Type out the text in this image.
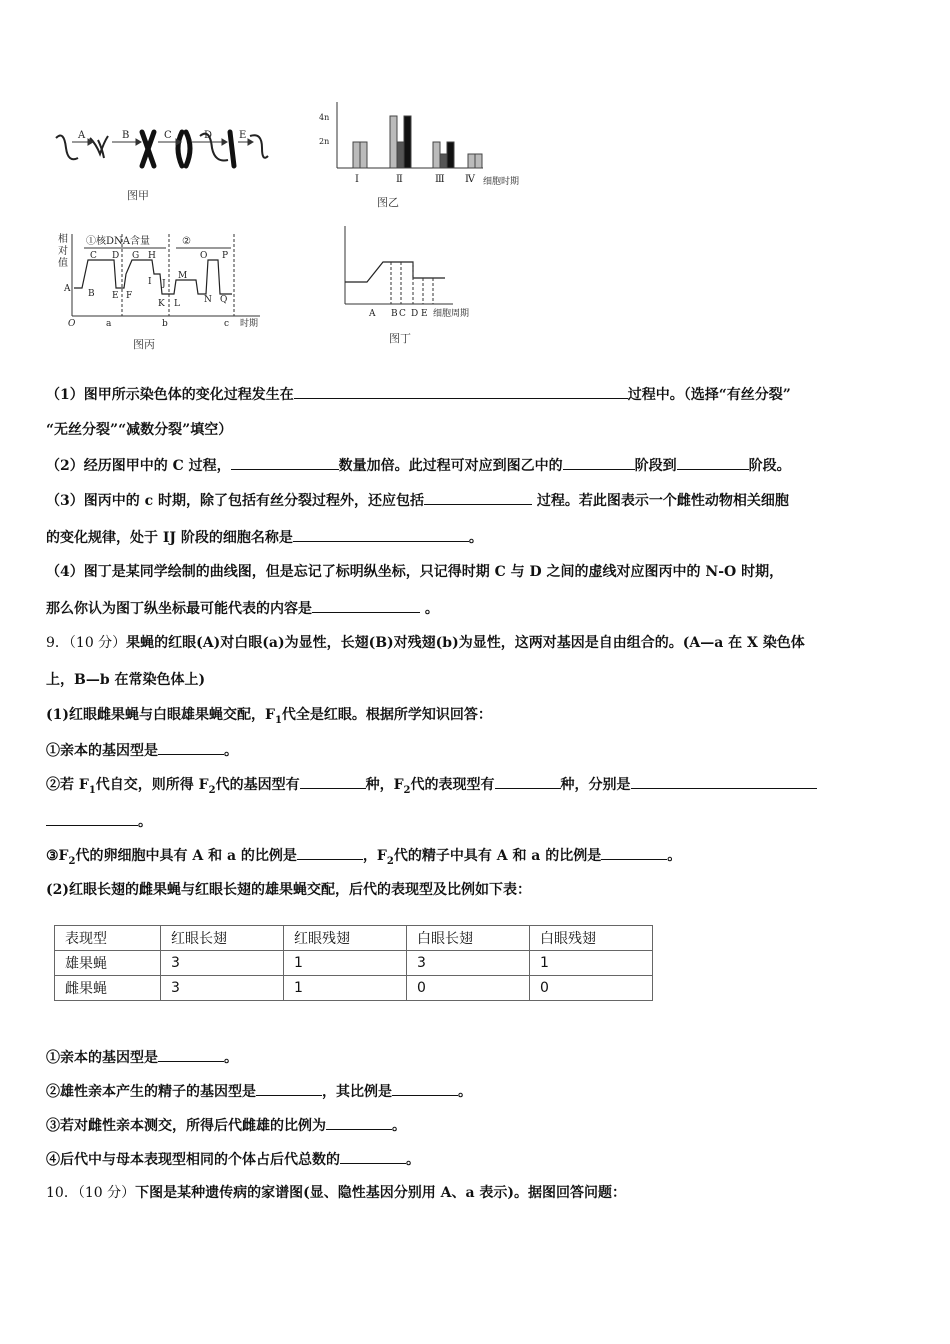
A	B	C	D	E
图甲
4n
2n
Ⅰ	Ⅱ	Ⅲ Ⅳ 细胞时期
图乙
相
对
值
①核DNA含量	②
A B
C D
E F
G H
I J
K L
M
N
O P
Q
O	a	b	c 时期
图丙
A B C D E 细胞周期
图丁
（1）图甲所示染色体的变化过程发生在	过程中。（选择“有丝分裂”
“无丝分裂”“减数分裂”填空）
（2）经历图甲中的 C 过程，	数量加倍。此过程可对应到图乙中的	阶段到	阶段。
（3）图丙中的 c 时期，除了包括有丝分裂过程外，还应包括	过程。若此图表示一个雌性动物相关细胞
的变化规律，处于 IJ 阶段的细胞名称是	。
（4）图丁是某同学绘制的曲线图，但是忘记了标明纵坐标，只记得时期 C 与 D 之间的虚线对应图丙中的 N-O 时期，
那么你认为图丁纵坐标最可能代表的内容是	。
9．（10 分）果蝇的红眼(A)对白眼(a)为显性，长翅(B)对残翅(b)为显性，这两对基因是自由组合的。(A—a 在 X 染色体
上，B—b 在常染色体上)
(1)红眼雌果蝇与白眼雄果蝇交配，$F_1$代全是红眼。根据所学知识回答：
①亲本的基因型是	。
②若 $F_1$代自交，则所得 $F_2$代的基因型有	种，$F_2$代的表现型有	种，分别是
。
$③F_2$代的卵细胞中具有 A 和 a 的比例是	，$F_2$代的精子中具有 A 和 a 的比例是	。
(2)红眼长翅的雌果蝇与红眼长翅的雄果蝇交配，后代的表现型及比例如下表：
表现型	红眼长翅	红眼残翅	白眼长翅	白眼残翅
雄果蝇	3	1	3	1
雌果蝇	3	1	0	0
①亲本的基因型是	。
②雄性亲本产生的精子的基因型是	，其比例是	。
③若对雌性亲本测交，所得后代雌雄的比例为	。
④后代中与母本表现型相同的个体占后代总数的	。
10．（10 分）下图是某种遗传病的家谱图(显、隐性基因分别用 A、a 表示)。据图回答问题：
